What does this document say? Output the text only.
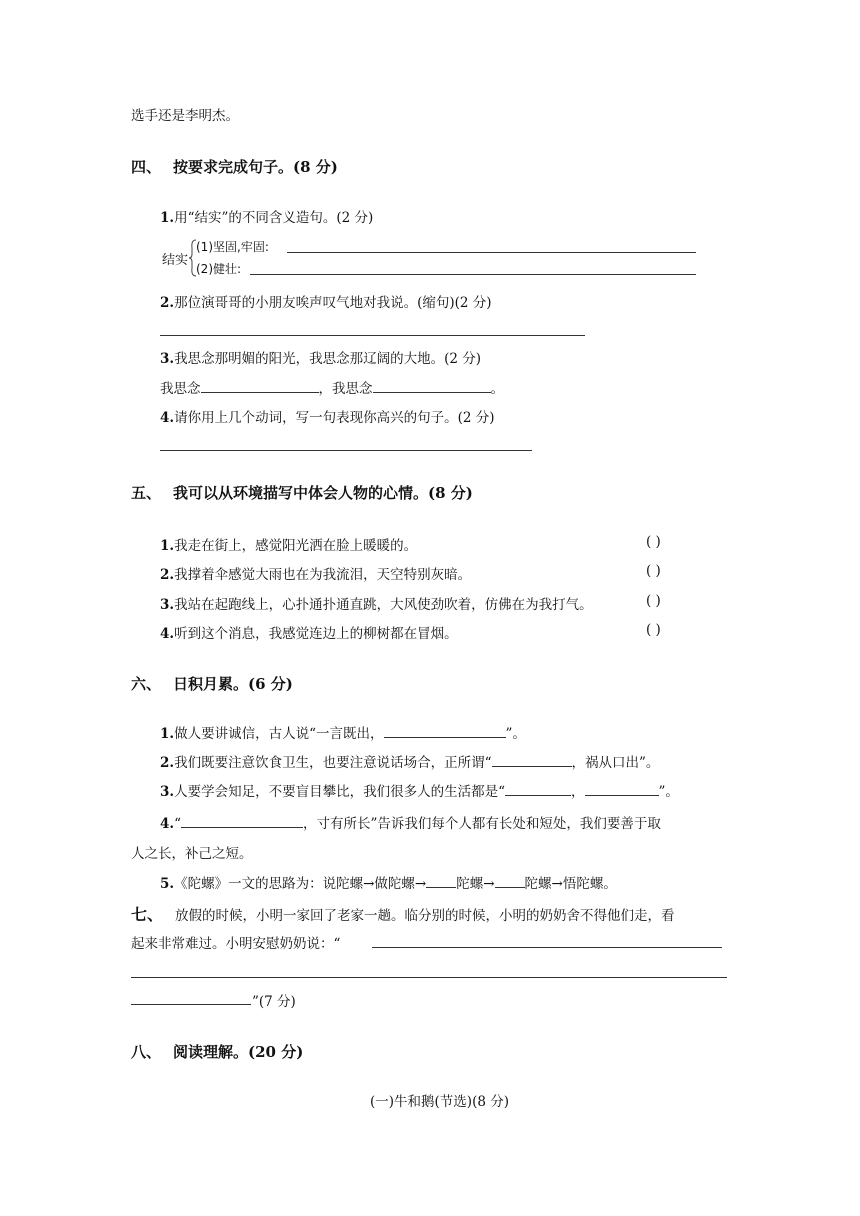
选手还是李明杰。
四、 按要求完成句子。(8 分)
1.用“结实”的不同含义造句。(2 分)
结实
(1)坚固,牢固:
(2)健壮:
2.那位演哥哥的小朋友唉声叹气地对我说。(缩句)(2 分)
3.我思念那明媚的阳光，我思念那辽阔的大地。(2 分)
我思念	，我思念	。
4.请你用上几个动词，写一句表现你高兴的句子。(2 分)
五、 我可以从环境描写中体会人物的心情。(8 分)
1.我走在街上，感觉阳光洒在脸上暖暖的。	( )
2.我撑着伞感觉大雨也在为我流泪，天空特别灰暗。	( )
3.我站在起跑线上，心扑通扑通直跳，大风使劲吹着，仿佛在为我打气。	( )
4.听到这个消息，我感觉连边上的柳树都在冒烟。	( )
六、 日积月累。(6 分)
1.做人要讲诚信，古人说“一言既出，	”。
2.我们既要注意饮食卫生，也要注意说话场合，正所谓“	，祸从口出”。
3.人要学会知足，不要盲目攀比，我们很多人的生活都是“	，	”。
4.“	，寸有所长”告诉我们每个人都有长处和短处，我们要善于取
人之长，补己之短。
5.《陀螺》一文的思路为：说陀螺→做陀螺→ 陀螺→ 陀螺→悟陀螺。
七、 放假的时候，小明一家回了老家一趟。临分别的时候，小明的奶奶舍不得他们走，看
起来非常难过。小明安慰奶奶说：“
”(7 分)
八、 阅读理解。(20 分)
(一)牛和鹅(节选)(8 分)
